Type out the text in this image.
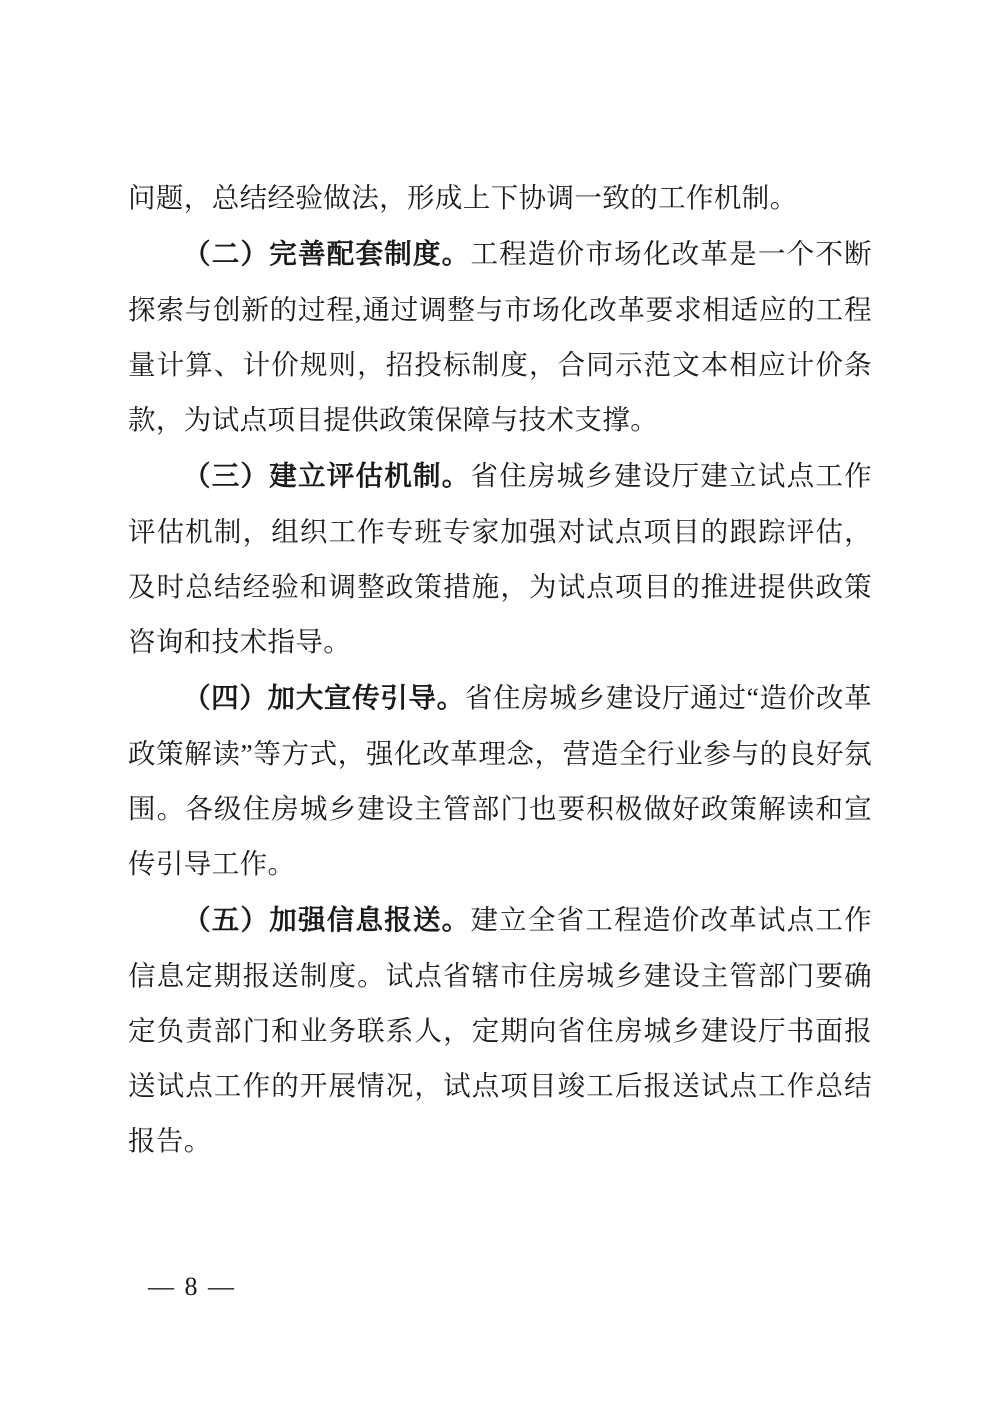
问题，总结经验做法，形成上下协调一致的工作机制。

（二）完善配套制度。工程造价市场化改革是一个不断探索与创新的过程,通过调整与市场化改革要求相适应的工程量计算、计价规则，招投标制度，合同示范文本相应计价条款，为试点项目提供政策保障与技术支撑。

（三）建立评估机制。省住房城乡建设厅建立试点工作评估机制，组织工作专班专家加强对试点项目的跟踪评估，及时总结经验和调整政策措施，为试点项目的推进提供政策咨询和技术指导。

（四）加大宣传引导。省住房城乡建设厅通过“造价改革政策解读”等方式，强化改革理念，营造全行业参与的良好氛围。各级住房城乡建设主管部门也要积极做好政策解读和宣传引导工作。

（五）加强信息报送。建立全省工程造价改革试点工作信息定期报送制度。试点省辖市住房城乡建设主管部门要确定负责部门和业务联系人，定期向省住房城乡建设厅书面报送试点工作的开展情况，试点项目竣工后报送试点工作总结报告。

— 8 —
